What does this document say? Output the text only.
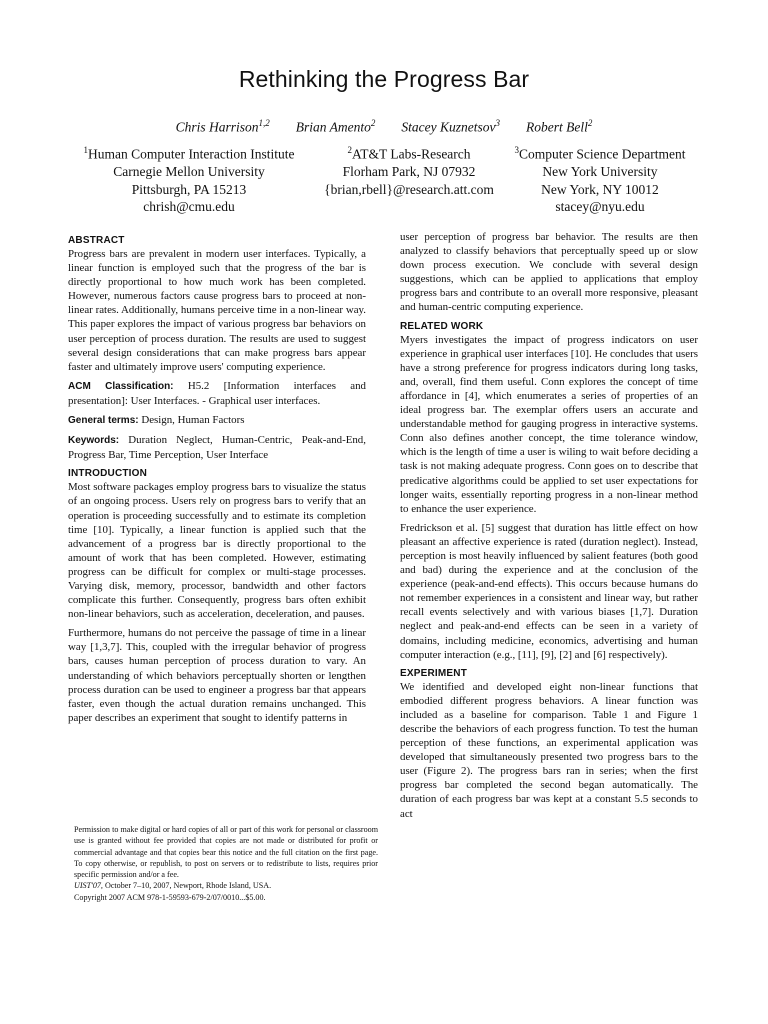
Rethinking the Progress Bar
Chris Harrison$^{1,2}$ Brian Amento$^2$ Stacey Kuznetsov$^3$ Robert Bell$^2$
$^1$Human Computer Interaction Institute
Carnegie Mellon University
Pittsburgh, PA 15213
chrish@cmu.edu
$^2$AT&T Labs-Research
Florham Park, NJ 07932
{brian,rbell}@research.att.com
$^3$Computer Science Department
New York University
New York, NY 10012
stacey@nyu.edu
ABSTRACT

Progress bars are prevalent in modern user interfaces. Typically, a linear function is employed such that the progress of the bar is directly proportional to how much work has been completed. However, numerous factors cause progress bars to proceed at non-linear rates. Additionally, humans perceive time in a non-linear way. This paper explores the impact of various progress bar behaviors on user perception of process duration. The results are used to suggest several design considerations that can make progress bars appear faster and ultimately improve users' computing experience.

ACM Classification: H5.2 [Information interfaces and presentation]: User Interfaces. - Graphical user interfaces.

General terms: Design, Human Factors

Keywords: Duration Neglect, Human-Centric, Peak-and-End, Progress Bar, Time Perception, User Interface

INTRODUCTION

Most software packages employ progress bars to visualize the status of an ongoing process. Users rely on progress bars to verify that an operation is proceeding successfully and to estimate its completion time [10]. Typically, a linear function is applied such that the advancement of a progress bar is directly proportional to the amount of work that has been completed. However, estimating progress can be difficult for complex or multi-stage processes. Varying disk, memory, processor, bandwidth and other factors complicate this further. Consequently, progress bars often exhibit non-linear behaviors, such as acceleration, deceleration, and pauses.

Furthermore, humans do not perceive the passage of time in a linear way [1,3,7]. This, coupled with the irregular behavior of progress bars, causes human perception of process duration to vary. An understanding of which behaviors perceptually shorten or lengthen process duration can be used to engineer a progress bar that appears faster, even though the actual duration remains unchanged. This paper describes an experiment that sought to identify patterns in

Permission to make digital or hard copies of all or part of this work for personal or classroom use is granted without fee provided that copies are not made or distributed for profit or commercial advantage and that copies bear this notice and the full citation on the first page. To copy otherwise, or republish, to post on servers or to redistribute to lists, requires prior specific permission and/or a fee.

UIST'07, October 7–10, 2007, Newport, Rhode Island, USA.

Copyright 2007 ACM 978-1-59593-679-2/07/0010...$5.00.

user perception of progress bar behavior. The results are then analyzed to classify behaviors that perceptually speed up or slow down process execution. We conclude with several design suggestions, which can be applied to applications that employ progress bars and contribute to an overall more responsive, pleasant and human-centric computing experience.

RELATED WORK

Myers investigates the impact of progress indicators on user experience in graphical user interfaces [10]. He concludes that users have a strong preference for progress indicators during long tasks, and, overall, find them useful. Conn explores the concept of time affordance in [4], which enumerates a series of properties of an ideal progress bar. The exemplar offers users an accurate and understandable method for gauging progress in interactive systems. Conn also defines another concept, the time tolerance window, which is the length of time a user is wiling to wait before deciding a task is not making adequate progress. Conn goes on to describe that predicative algorithms could be applied to set user expectations for longer waits, essentially reporting progress in a non-linear method to enhance the user experience.

Fredrickson et al. [5] suggest that duration has little effect on how pleasant an affective experience is rated (duration neglect). Instead, perception is most heavily influenced by salient features (both good and bad) during the experience and at the conclusion of the experience (peak-and-end effects). This occurs because humans do not remember experiences in a consistent and linear way, but rather recall events selectively and with various biases [1,7]. Duration neglect and peak-and-end effects can be seen in a variety of domains, including medicine, economics, advertising and human computer interaction (e.g., [11], [9], [2] and [6] respectively).

EXPERIMENT

We identified and developed eight non-linear functions that embodied different progress behaviors. A linear function was included as a baseline for comparison. Table 1 and Figure 1 describe the behaviors of each progress function. To test the human perception of these functions, an experimental application was developed that simultaneously presented two progress bars to the user (Figure 2). The progress bars ran in series; when the first progress bar completed the second began automatically. The duration of each progress bar was kept at a constant 5.5 seconds to act
